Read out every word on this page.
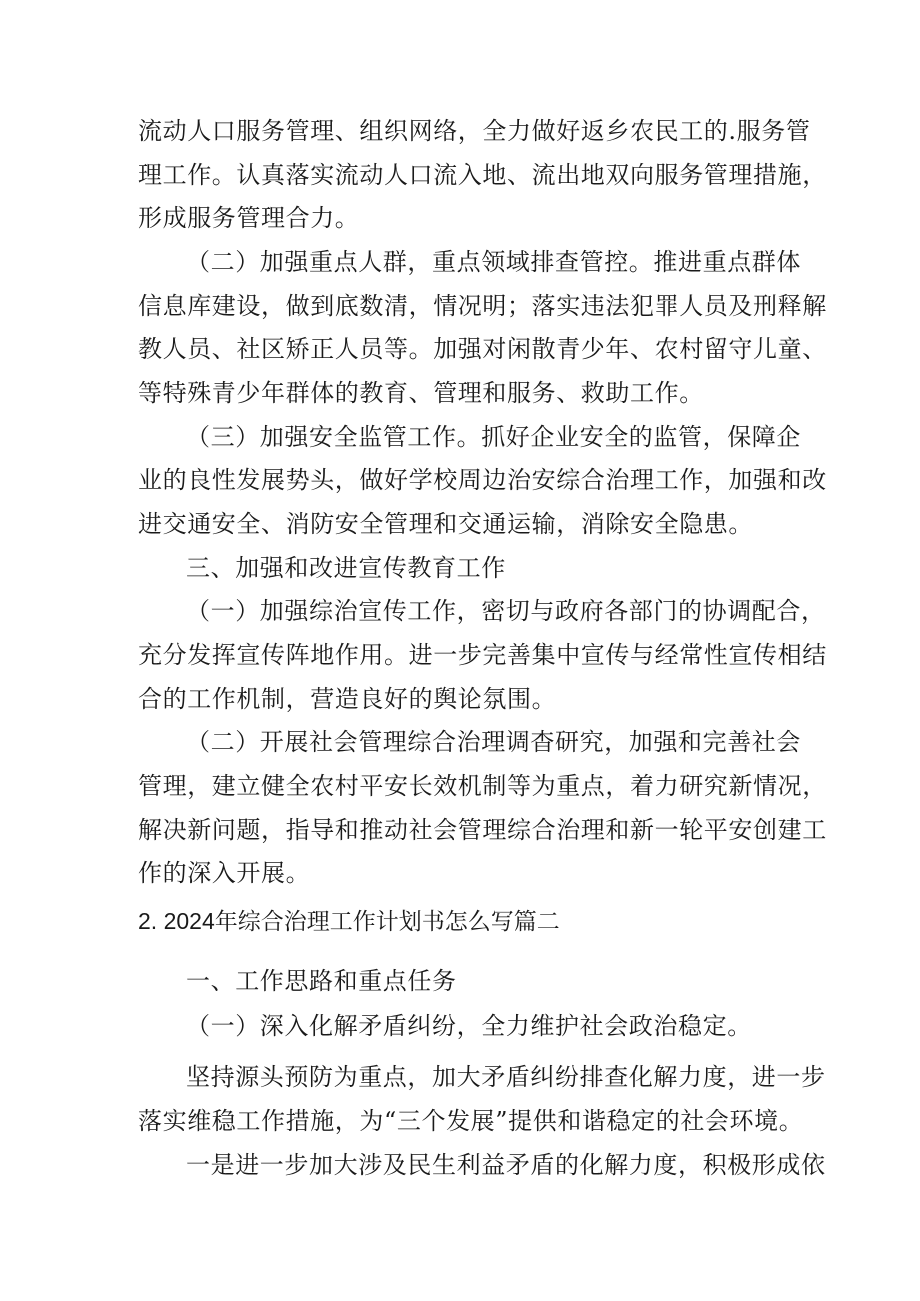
流动人口服务管理、组织网络，全力做好返乡农民工的.服务管
理工作。认真落实流动人口流入地、流出地双向服务管理措施，
形成服务管理合力。
（二）加强重点人群，重点领域排查管控。推进重点群体
信息库建设，做到底数清，情况明；落实违法犯罪人员及刑释解
教人员、社区矫正人员等。加强对闲散青少年、农村留守儿童、
等特殊青少年群体的教育、管理和服务、救助工作。
（三）加强安全监管工作。抓好企业安全的监管，保障企
业的良性发展势头，做好学校周边治安综合治理工作，加强和改
进交通安全、消防安全管理和交通运输，消除安全隐患。
三、加强和改进宣传教育工作
（一）加强综治宣传工作，密切与政府各部门的协调配合，
充分发挥宣传阵地作用。进一步完善集中宣传与经常性宣传相结
合的工作机制，营造良好的舆论氛围。
（二）开展社会管理综合治理调杳研究，加强和完善社会
管理，建立健全农村平安长效机制等为重点，着力研究新情况，
解决新问题，指导和推动社会管理综合治理和新一轮平安创建工
作的深入开展。
2. 2024年综合治理工作计划书怎么写篇二
一、工作思路和重点任务
（一）深入化解矛盾纠纷，全力维护社会政治稳定。
坚持源头预防为重点，加大矛盾纠纷排查化解力度，进一步
落实维稳工作措施，为“三个发展”提供和谐稳定的社会环境。
一是进一步加大涉及民生利益矛盾的化解力度，积极形成依
